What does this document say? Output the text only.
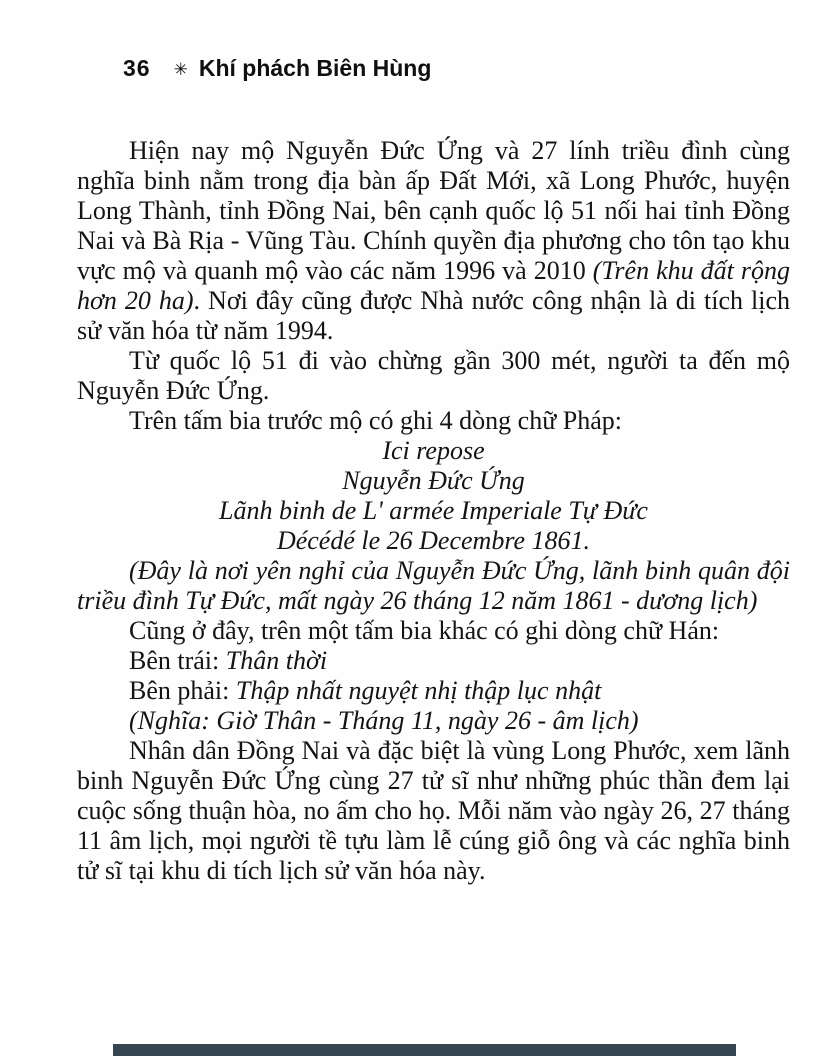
36 ✳ Khí phách Biên Hùng
Hiện nay mộ Nguyễn Đức Ứng và 27 lính triều đình cùng nghĩa binh nằm trong địa bàn ấp Đất Mới, xã Long Phước, huyện Long Thành, tỉnh Đồng Nai, bên cạnh quốc lộ 51 nối hai tỉnh Đồng Nai và Bà Rịa - Vũng Tàu. Chính quyền địa phương cho tôn tạo khu vực mộ và quanh mộ vào các năm 1996 và 2010 (Trên khu đất rộng hơn 20 ha). Nơi đây cũng được Nhà nước công nhận là di tích lịch sử văn hóa từ năm 1994.
Từ quốc lộ 51 đi vào chừng gần 300 mét, người ta đến mộ Nguyễn Đức Ứng.
Trên tấm bia trước mộ có ghi 4 dòng chữ Pháp:
Ici repose
Nguyễn Đức Ứng
Lãnh binh de L' armée Imperiale Tự Đức
Décédé le 26 Decembre 1861.
(Đây là nơi yên nghỉ của Nguyễn Đức Ứng, lãnh binh quân đội triều đình Tự Đức, mất ngày 26 tháng 12 năm 1861 - dương lịch)
Cũng ở đây, trên một tấm bia khác có ghi dòng chữ Hán:
Bên trái: Thân thời
Bên phải: Thập nhất nguyệt nhị thập lục nhật
(Nghĩa: Giờ Thân - Tháng 11, ngày 26 - âm lịch)
Nhân dân Đồng Nai và đặc biệt là vùng Long Phước, xem lãnh binh Nguyễn Đức Ứng cùng 27 tử sĩ như những phúc thần đem lại cuộc sống thuận hòa, no ấm cho họ. Mỗi năm vào ngày 26, 27 tháng 11 âm lịch, mọi người tề tựu làm lễ cúng giỗ ông và các nghĩa binh tử sĩ tại khu di tích lịch sử văn hóa này.
